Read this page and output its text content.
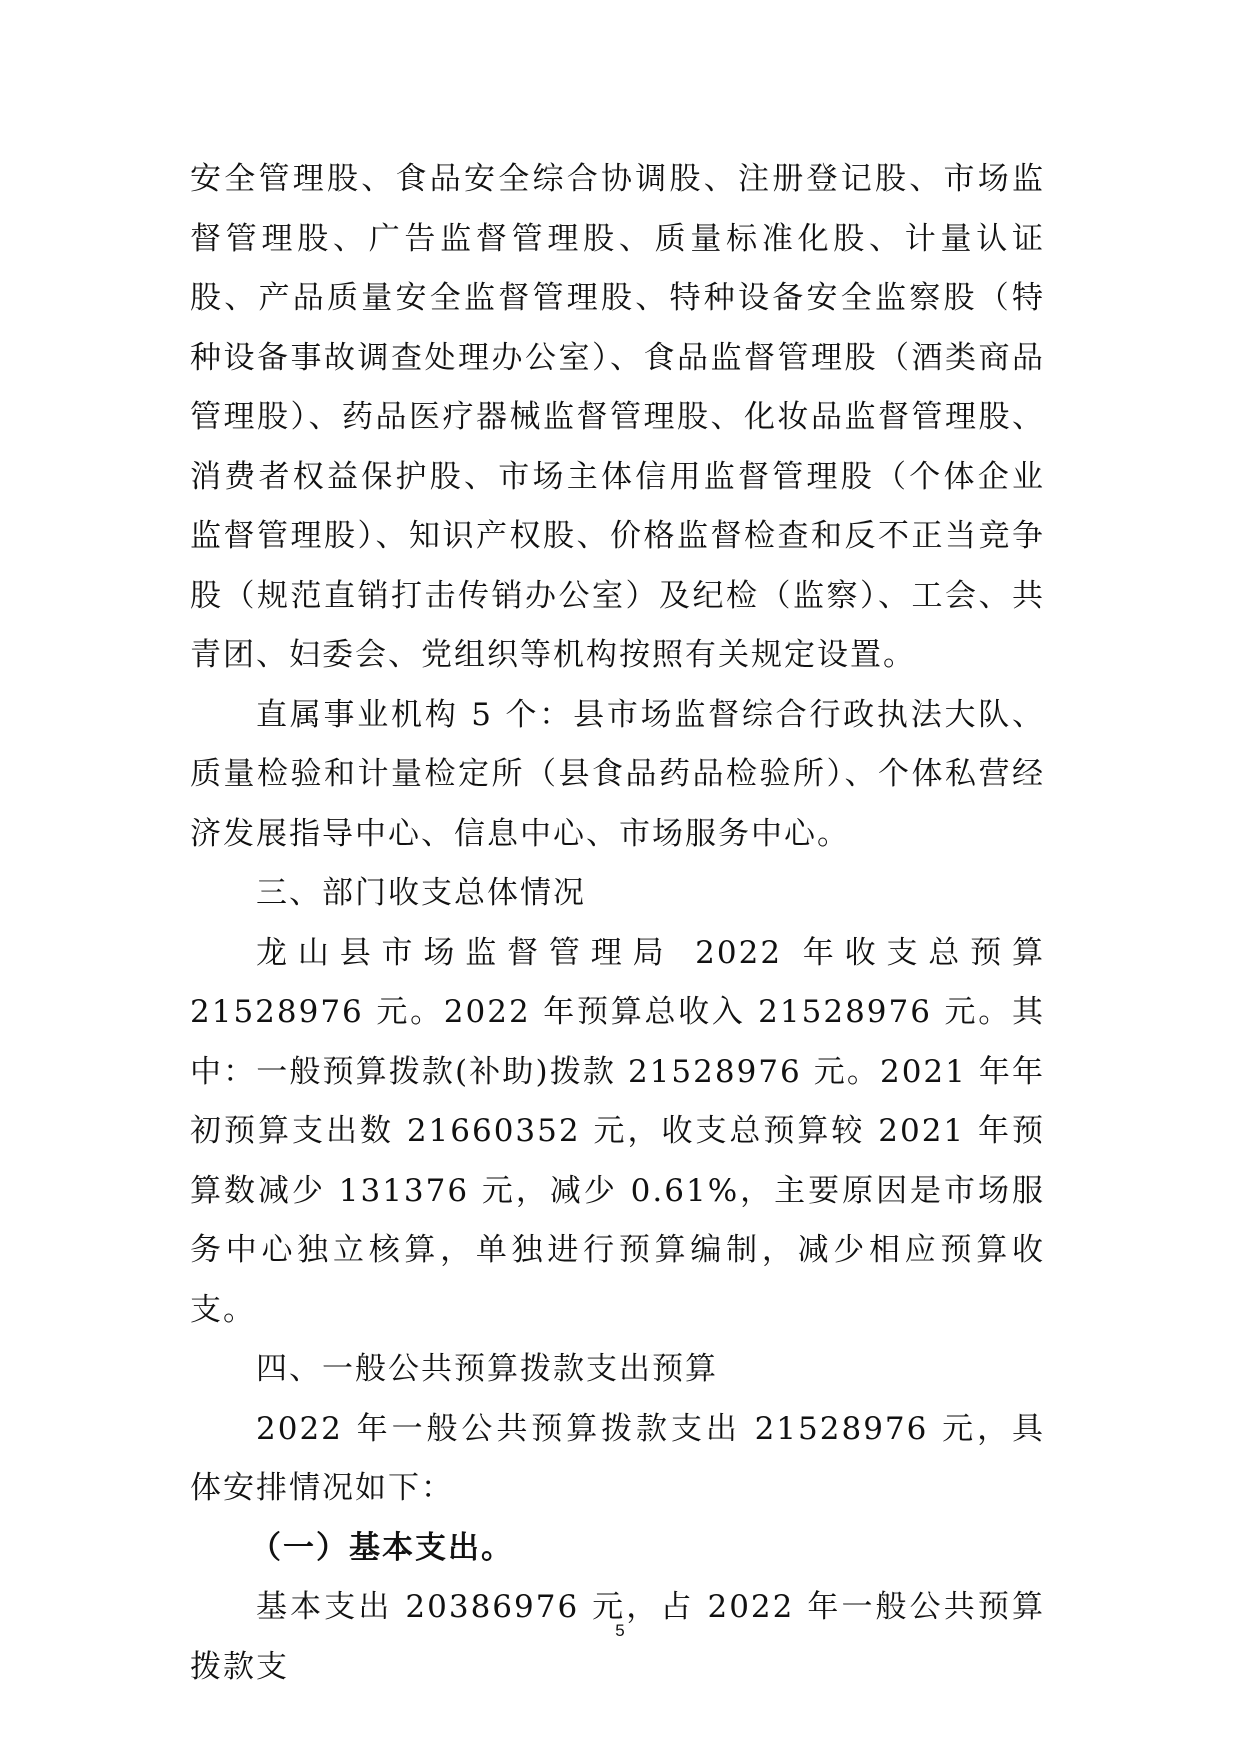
安全管理股、食品安全综合协调股、注册登记股、市场监督管理股、广告监督管理股、质量标准化股、计量认证股、产品质量安全监督管理股、特种设备安全监察股（特种设备事故调查处理办公室）、食品监督管理股（酒类商品管理股）、药品医疗器械监督管理股、化妆品监督管理股、消费者权益保护股、市场主体信用监督管理股（个体企业监督管理股）、知识产权股、价格监督检查和反不正当竞争股（规范直销打击传销办公室）及纪检（监察）、工会、共青团、妇委会、党组织等机构按照有关规定设置。

直属事业机构 5 个：县市场监督综合行政执法大队、质量检验和计量检定所（县食品药品检验所）、个体私营经济发展指导中心、信息中心、市场服务中心。

三、部门收支总体情况

龙山县市场监督管理局 2022 年收支总预算 21528976 元。2022 年预算总收入 21528976 元。其中：一般预算拨款(补助)拨款 21528976 元。2021 年年初预算支出数 21660352 元，收支总预算较 2021 年预算数减少 131376 元，减少 0.61%，主要原因是市场服务中心独立核算，单独进行预算编制，减少相应预算收支。

四、一般公共预算拨款支出预算

2022 年一般公共预算拨款支出 21528976 元，具体安排情况如下：

（一）基本支出。

基本支出 20386976 元，占 2022 年一般公共预算拨款支

5
